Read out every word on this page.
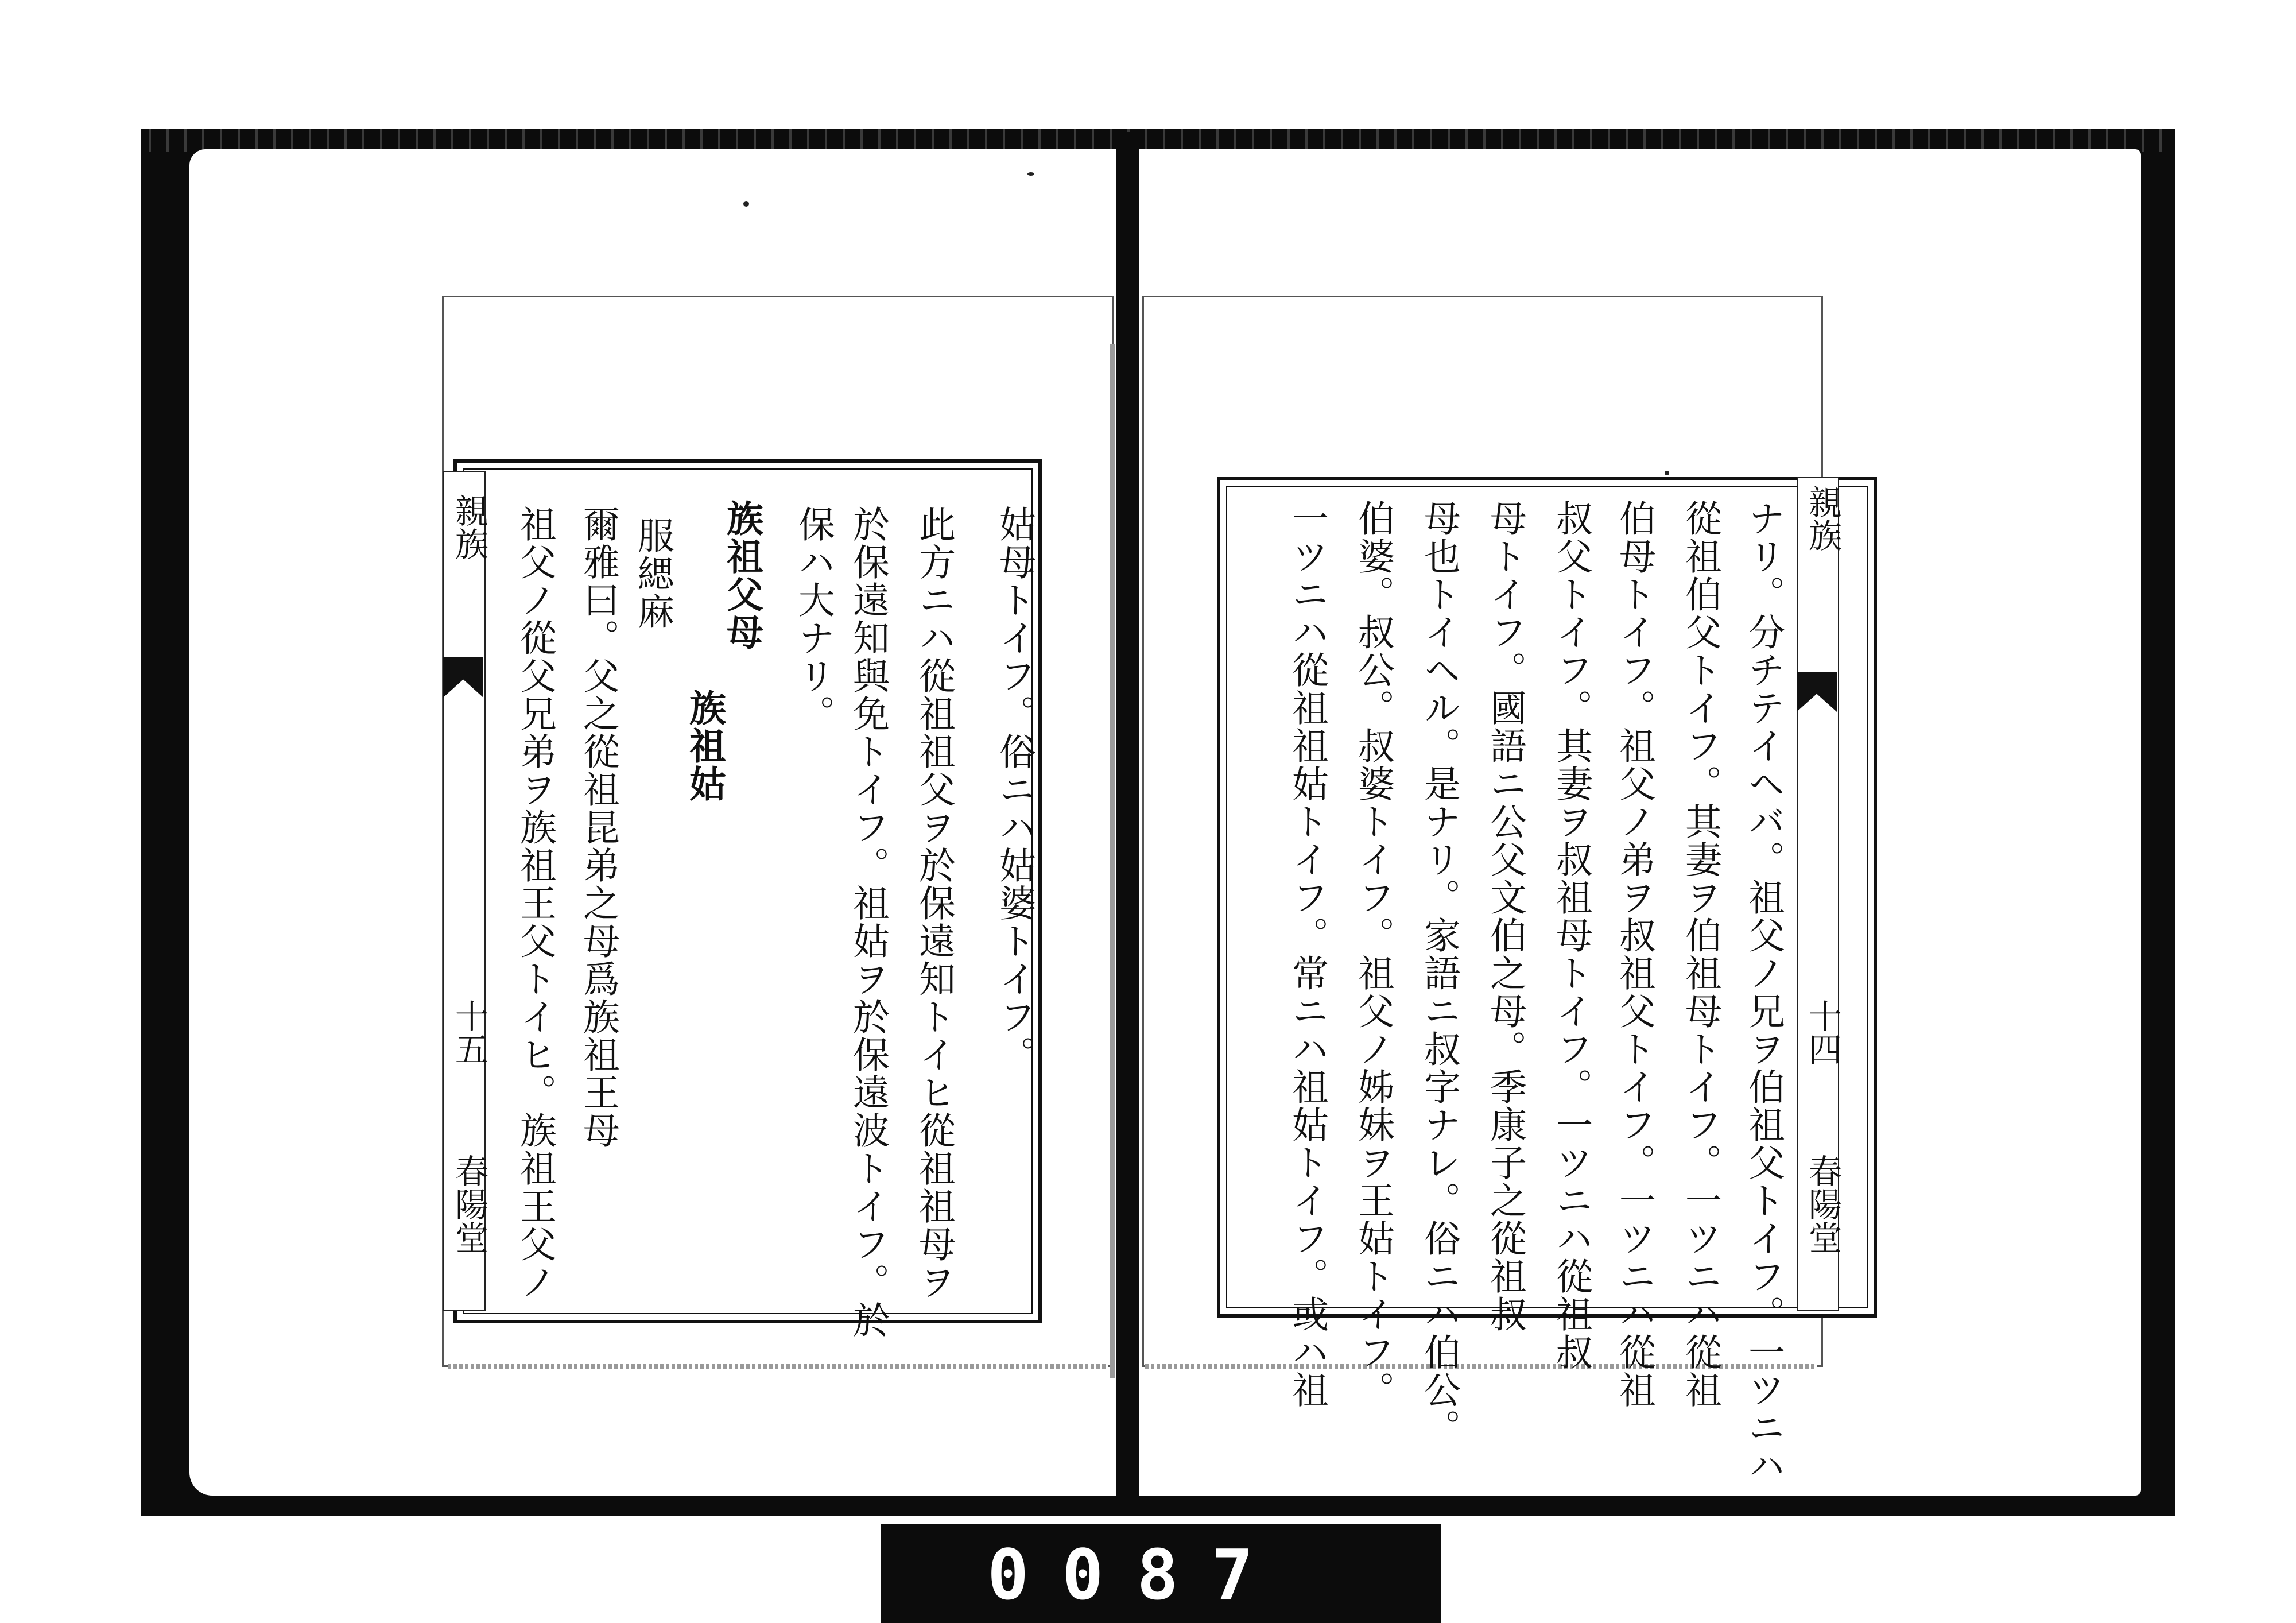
姑母トイフ。俗ニハ姑婆トイフ。
此方ニハ從祖祖父ヲ於保遠知トイヒ從祖祖母ヲ
於保遠知與免トイフ。祖姑ヲ於保遠波トイフ。於
保ハ大ナリ。
族祖父母
族祖姑
服緦麻
爾雅曰。父之從祖昆弟之母爲族祖王母
祖父ノ從父兄弟ヲ族祖王父トイヒ。族祖王父ノ
親族
十五
春陽堂	ナリ。分チテイヘバ。祖父ノ兄ヲ伯祖父トイフ。一ツニハ
從祖伯父トイフ。其妻ヲ伯祖母トイフ。一ツニハ從祖
伯母トイフ。祖父ノ弟ヲ叔祖父トイフ。一ツニハ從祖
叔父トイフ。其妻ヲ叔祖母トイフ。一ツニハ從祖叔
母トイフ。國語ニ公父文伯之母。季康子之從祖叔
母也トイヘル。是ナリ。家語ニ叔字ナレ。俗ニハ伯公。
伯婆。叔公。叔婆トイフ。祖父ノ姊妹ヲ王姑トイフ。
一ツニハ從祖祖姑トイフ。常ニハ祖姑トイフ。或ハ祖	親族
十四
春陽堂
0087
